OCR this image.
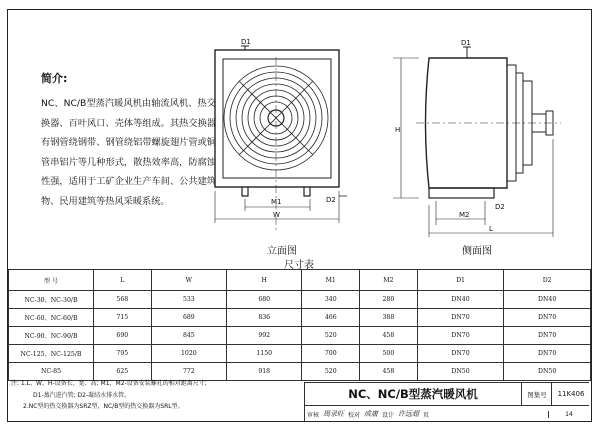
简介:
NC、NC/B型蒸汽暖风机由轴流风机、热交换器、百叶风口、壳体等组成。其热交换器有钢管绕钢带、钢管绕铝带螺旋翅片管或铜管串铝片等几种形式，散热效率高，防腐蚀性强，适用于工矿企业生产车间、公共建筑物、民用建筑等热风采暖系统。
D1
D2
M1
W
D1
D2
M2
L
H
立面图	侧面图
尺寸表
型 号	L	W	H	M1	M2	D1	D2
NC-30、NC-30/B	568	533	680	340	280	DN40	DN40
NC-60、NC-60/B	715	689	836	466	388	DN70	DN70
NC-90、NC-90/B	690	845	992	520	458	DN70	DN70
NC-125、NC-125/B	795	1020	1150	700	500	DN70	DN70
NC-85	625	772	918	520	458	DN50	DN50
注: 1.L、W、H-设备长、宽、高; M1、M2-设备安装螺孔的相对距离尺寸;
D1-蒸汽进汽管; D2-凝结水排水管。
2.NC型的热交换器为SRZ型，NC/B型的热交换器为SRL型。
NC、NC/B型蒸汽暖风机	图集号	11K406
审核 周录旺 校对 成庸 设计 许远超 页	14
